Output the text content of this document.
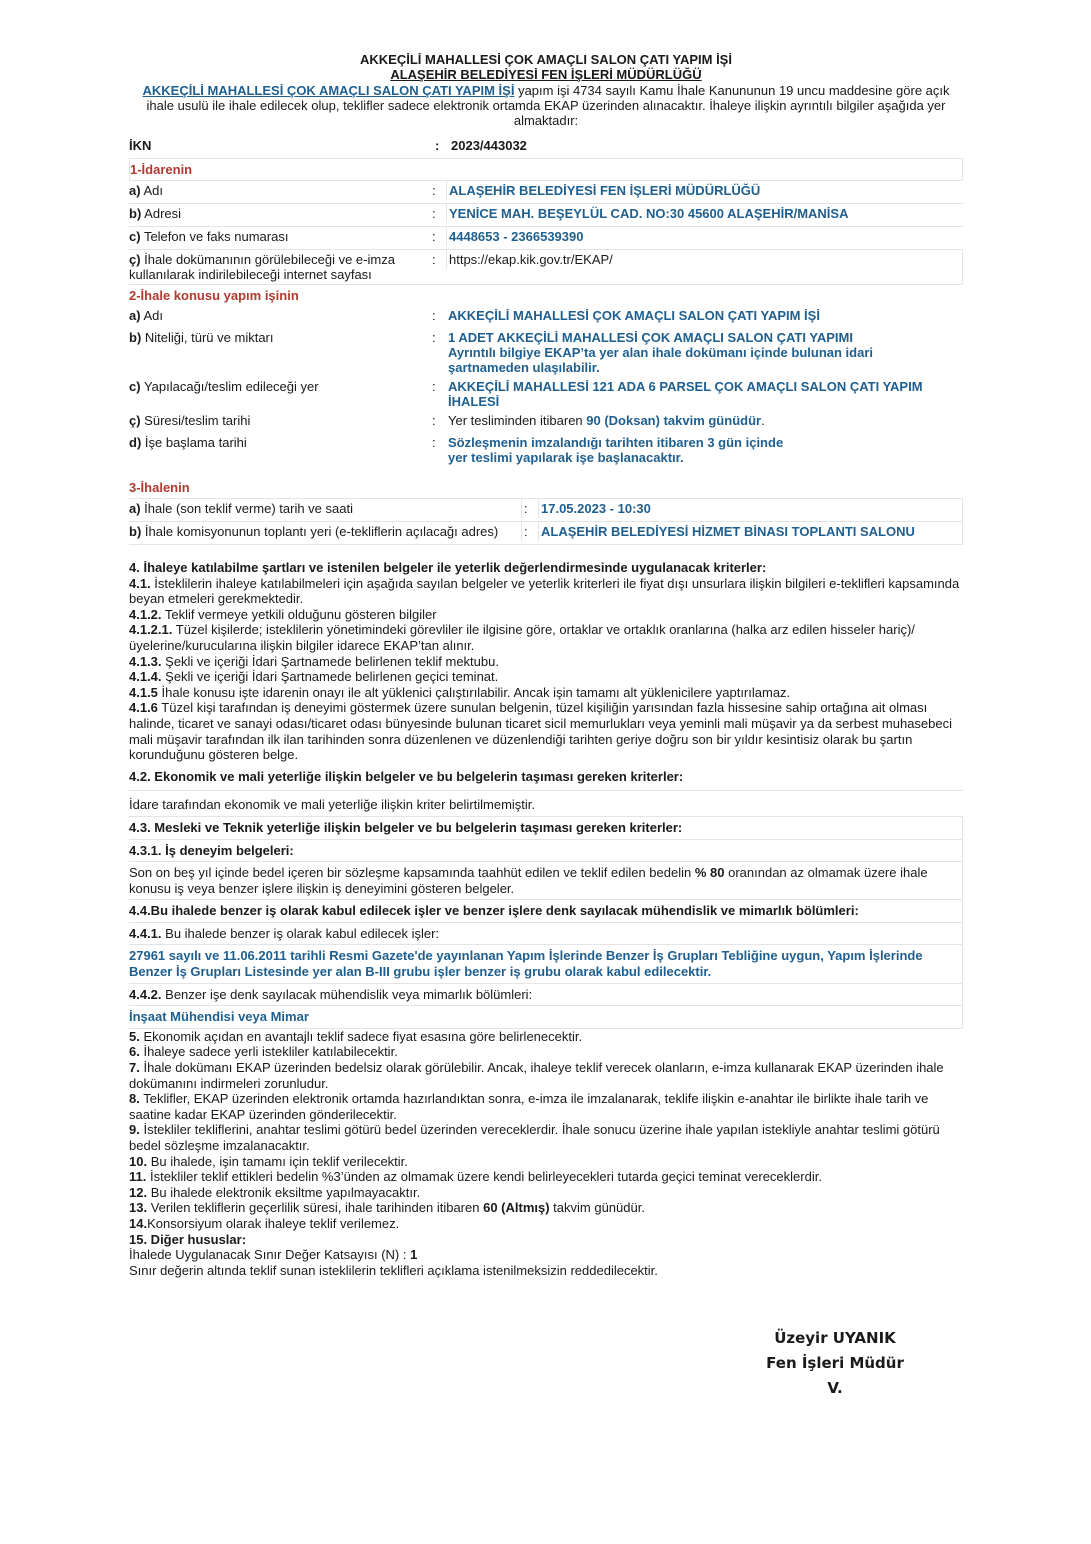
AKKEÇİLİ MAHALLESİ ÇOK AMAÇLI SALON ÇATI YAPIM İŞİ
ALAŞEHİR BELEDİYESİ FEN İŞLERİ MÜDÜRLÜĞÜ
AKKEÇİLİ MAHALLESİ ÇOK AMAÇLI SALON ÇATI YAPIM İŞİ yapım işi 4734 sayılı Kamu İhale Kanununun 19 uncu maddesine göre açık ihale usulü ile ihale edilecek olup, teklifler sadece elektronik ortamda EKAP üzerinden alınacaktır. İhaleye ilişkin ayrıntılı bilgiler aşağıda yer almaktadır:
İKN	: 2023/443032
1-İdarenin
a) Adı	:	ALAŞEHİR BELEDİYESİ FEN İŞLERİ MÜDÜRLÜĞÜ
b) Adresi	:	YENİCE MAH. BEŞEYLÜL CAD. NO:30 45600 ALAŞEHİR/MANİSA
c) Telefon ve faks numarası	:	4448653 - 2366539390
ç) İhale dokümanının görülebileceği ve e-imza kullanılarak indirilebileceği internet sayfası
:	https://ekap.kik.gov.tr/EKAP/
2-İhale konusu yapım işinin
a) Adı	: AKKEÇİLİ MAHALLESİ ÇOK AMAÇLI SALON ÇATI YAPIM İŞİ
b) Niteliği, türü ve miktarı	: 1 ADET AKKEÇİLİ MAHALLESİ ÇOK AMAÇLI SALON ÇATI YAPIMI
Ayrıntılı bilgiye EKAP’ta yer alan ihale dokümanı içinde bulunan idari şartnameden ulaşılabilir.
c) Yapılacağı/teslim edileceği yer	: AKKEÇİLİ MAHALLESİ 121 ADA 6 PARSEL ÇOK AMAÇLI SALON ÇATI YAPIM İHALESİ
ç) Süresi/teslim tarihi	: Yer tesliminden itibaren 90 (Doksan) takvim günüdür.
d) İşe başlama tarihi	: Sözleşmenin imzalandığı tarihten itibaren 3 gün içinde
yer teslimi yapılarak işe başlanacaktır.
3-İhalenin
a) İhale (son teklif verme) tarih ve saati	:	17.05.2023 - 10:30
b) İhale komisyonunun toplantı yeri (e-tekliflerin açılacağı adres)	:	ALAŞEHİR BELEDİYESİ HİZMET BİNASI TOPLANTI SALONU
4. İhaleye katılabilme şartları ve istenilen belgeler ile yeterlik değerlendirmesinde uygulanacak kriterler:
4.1. İsteklilerin ihaleye katılabilmeleri için aşağıda sayılan belgeler ve yeterlik kriterleri ile fiyat dışı unsurlara ilişkin bilgileri e-teklifleri kapsamında beyan etmeleri gerekmektedir.
4.1.2. Teklif vermeye yetkili olduğunu gösteren bilgiler
4.1.2.1. Tüzel kişilerde; isteklilerin yönetimindeki görevliler ile ilgisine göre, ortaklar ve ortaklık oranlarına (halka arz edilen hisseler hariç)/üyelerine/kurucularına ilişkin bilgiler idarece EKAP’tan alınır.
4.1.3. Şekli ve içeriği İdari Şartnamede belirlenen teklif mektubu.
4.1.4. Şekli ve içeriği İdari Şartnamede belirlenen geçici teminat.
4.1.5 İhale konusu işte idarenin onayı ile alt yüklenici çalıştırılabilir. Ancak işin tamamı alt yüklenicilere yaptırılamaz.
4.1.6 Tüzel kişi tarafından iş deneyimi göstermek üzere sunulan belgenin, tüzel kişiliğin yarısından fazla hissesine sahip ortağına ait olması halinde, ticaret ve sanayi odası/ticaret odası bünyesinde bulunan ticaret sicil memurlukları veya yeminli mali müşavir ya da serbest muhasebeci mali müşavir tarafından ilk ilan tarihinden sonra düzenlenen ve düzenlendiği tarihten geriye doğru son bir yıldır kesintisiz olarak bu şartın korunduğunu gösteren belge.
4.2. Ekonomik ve mali yeterliğe ilişkin belgeler ve bu belgelerin taşıması gereken kriterler:
İdare tarafından ekonomik ve mali yeterliğe ilişkin kriter belirtilmemiştir.
4.3. Mesleki ve Teknik yeterliğe ilişkin belgeler ve bu belgelerin taşıması gereken kriterler:
4.3.1. İş deneyim belgeleri:
Son on beş yıl içinde bedel içeren bir sözleşme kapsamında taahhüt edilen ve teklif edilen bedelin % 80 oranından az olmamak üzere ihale konusu iş veya benzer işlere ilişkin iş deneyimini gösteren belgeler.
4.4.Bu ihalede benzer iş olarak kabul edilecek işler ve benzer işlere denk sayılacak mühendislik ve mimarlık bölümleri:
4.4.1. Bu ihalede benzer iş olarak kabul edilecek işler:
27961 sayılı ve 11.06.2011 tarihli Resmi Gazete'de yayınlanan Yapım İşlerinde Benzer İş Grupları Tebliğine uygun, Yapım İşlerinde Benzer İş Grupları Listesinde yer alan B-III grubu işler benzer iş grubu olarak kabul edilecektir.
4.4.2. Benzer işe denk sayılacak mühendislik veya mimarlık bölümleri:
İnşaat Mühendisi veya Mimar
5. Ekonomik açıdan en avantajlı teklif sadece fiyat esasına göre belirlenecektir.
6. İhaleye sadece yerli istekliler katılabilecektir.
7. İhale dokümanı EKAP üzerinden bedelsiz olarak görülebilir. Ancak, ihaleye teklif verecek olanların, e-imza kullanarak EKAP üzerinden ihale dokümanını indirmeleri zorunludur.
8. Teklifler, EKAP üzerinden elektronik ortamda hazırlandıktan sonra, e-imza ile imzalanarak, teklife ilişkin e-anahtar ile birlikte ihale tarih ve saatine kadar EKAP üzerinden gönderilecektir.
9. İstekliler tekliflerini, anahtar teslimi götürü bedel üzerinden vereceklerdir. İhale sonucu üzerine ihale yapılan istekliyle anahtar teslimi götürü bedel sözleşme imzalanacaktır.
10. Bu ihalede, işin tamamı için teklif verilecektir.
11. İstekliler teklif ettikleri bedelin %3’ünden az olmamak üzere kendi belirleyecekleri tutarda geçici teminat vereceklerdir.
12. Bu ihalede elektronik eksiltme yapılmayacaktır.
13. Verilen tekliflerin geçerlilik süresi, ihale tarihinden itibaren 60 (Altmış) takvim günüdür.
14.Konsorsiyum olarak ihaleye teklif verilemez.
15. Diğer hususlar:
İhalede Uygulanacak Sınır Değer Katsayısı (N) : 1
Sınır değerin altında teklif sunan isteklilerin teklifleri açıklama istenilmeksizin reddedilecektir.
Üzeyir UYANIK
Fen İşleri Müdür V.
